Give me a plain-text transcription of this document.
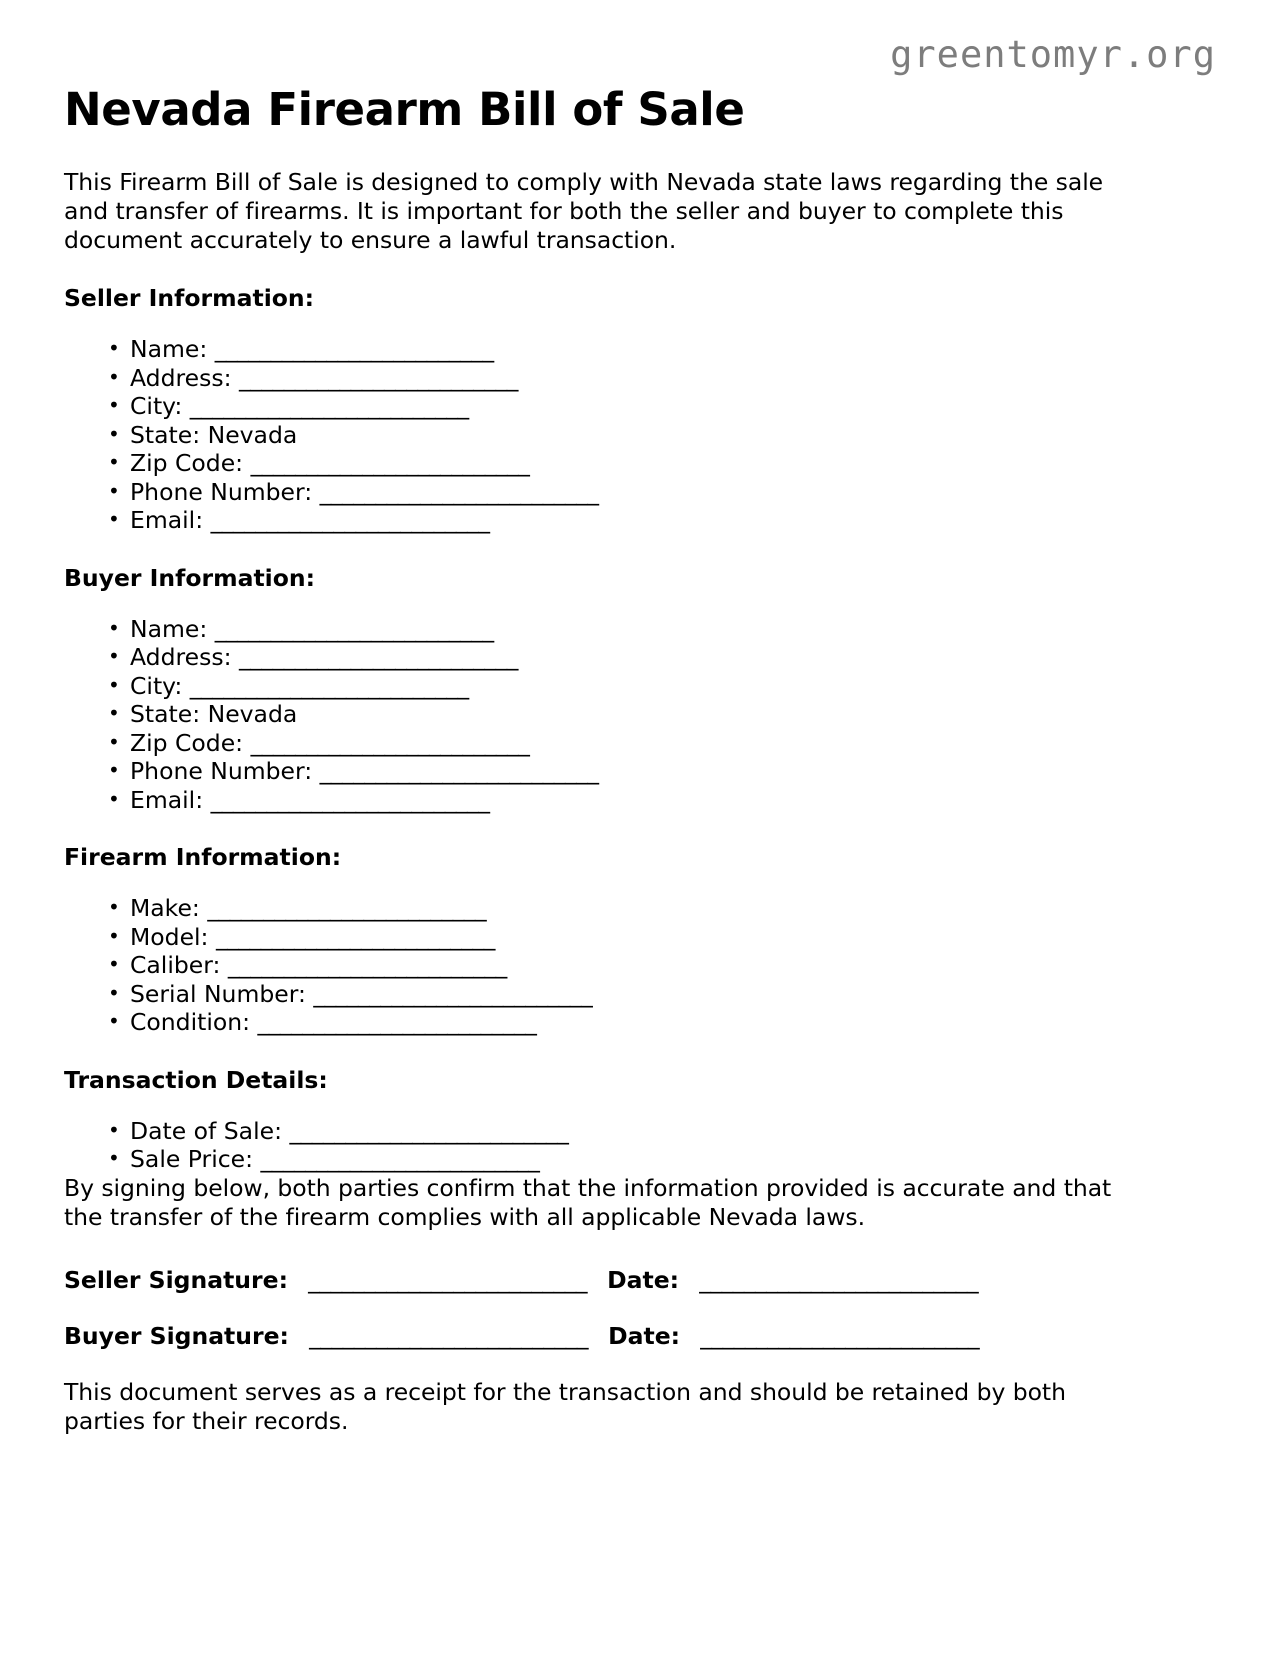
greentomyr.org
Nevada Firearm Bill of Sale

This Firearm Bill of Sale is designed to comply with Nevada state laws regarding the sale and transfer of firearms. It is important for both the seller and buyer to complete this document accurately to ensure a lawful transaction.

Seller Information:
• Name: _________________________
• Address: _________________________
• City: _________________________
• State: Nevada
• Zip Code: _________________________
• Phone Number: _________________________
• Email: _________________________
Buyer Information:
• Name: _________________________
• Address: _________________________
• City: _________________________
• State: Nevada
• Zip Code: _________________________
• Phone Number: _________________________
• Email: _________________________
Firearm Information:
• Make: _________________________
• Model: _________________________
• Caliber: _________________________
• Serial Number: _________________________
• Condition: _________________________
Transaction Details:
• Date of Sale: _________________________
• Sale Price: _________________________

By signing below, both parties confirm that the information provided is accurate and that the transfer of the firearm complies with all applicable Nevada laws.

Seller Signature: _________________________ Date: _________________________
Buyer Signature: _________________________ Date: _________________________

This document serves as a receipt for the transaction and should be retained by both parties for their records.
